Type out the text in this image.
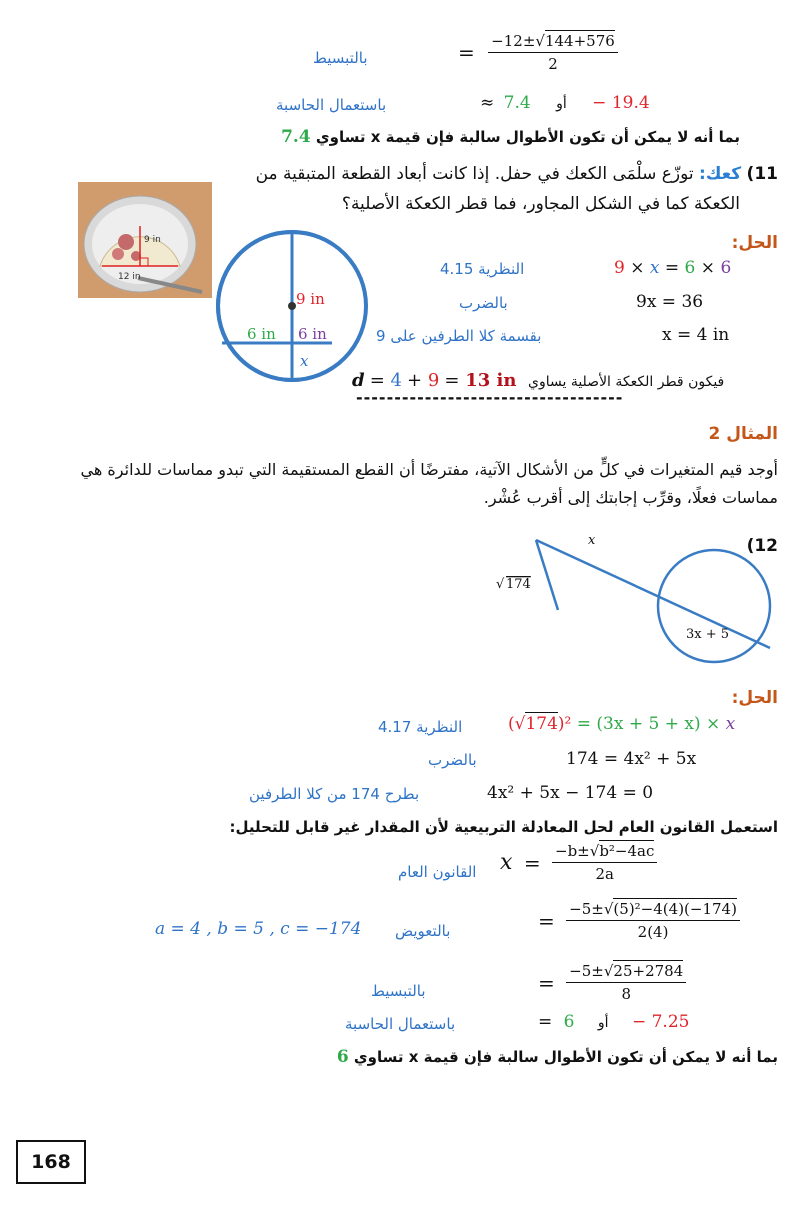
بالتبسيط	= $\frac{-12\pm√144+576}{2}$
باستعمال الحاسبة	≈ 7.4 أو − 19.4
بما أنه لا يمكن أن تكون الأطوال سالبة فإن قيمة x تساوي 7.4
11) كعك: توزّع سلْمَى الكعك في حفل. إذا كانت أبعاد القطعة المتبقية من
الكعكة كما في الشكل المجاور، فما قطر الكعكة الأصلية؟
9 in
12 in
9 in
6 in 6 in
x
الحل:
النظرية 4.15	9 × x = 6 × 6
بالضرب	9x = 36
بقسمة كلا الطرفين على 9	x = 4 in
d = 4 + 9 = 13 in فيكون قطر الكعكة الأصلية يساوي
-----------------------------------
المثال 2
أوجد قيم المتغيرات في كلٍّ من الأشكال الآتية، مفترضًا أن القطع المستقيمة التي تبدو مماسات للدائرة هي
مماسات فعلًا، وقرِّب إجابتك إلى أقرب عُشْر.
(12
x
√ 174
3x + 5
الحل:
النظرية 4.17	(√174)² = (3x + 5 + x) × x
بالضرب	174 = 4x² + 5x
بطرح 174 من كلا الطرفين	4x² + 5x − 174 = 0
استعمل القانون العام لحل المعادلة التربيعية لأن المقدار غير قابل للتحليل:
القانون العام $x = \frac{\text{−b±√b²−4ac}}{2a}$
بالتعويض
a = 4 , b = 5 , c = −174	= $\frac{\text{−5±√(5)²−4(4)(−174)}}{2(4)}$
بالتبسيط	= $\frac{-5\pm√25+2784}{8}$
باستعمال الحاسبة	= 6 أو − 7.25
بما أنه لا يمكن أن تكون الأطوال سالبة فإن قيمة x تساوي 6
168
